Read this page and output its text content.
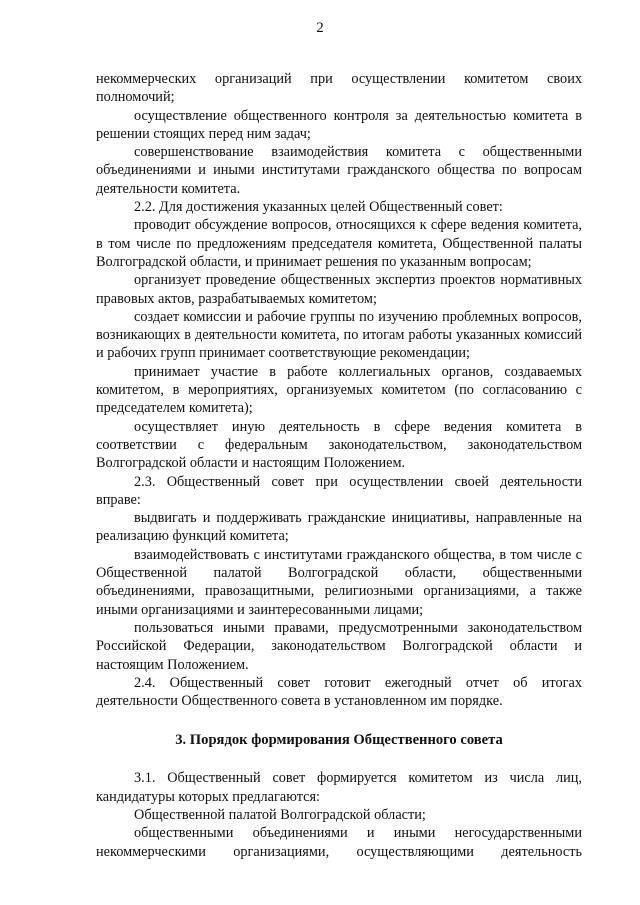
2

некоммерческих организаций при осуществлении комитетом своих полномочий;

осуществление общественного контроля за деятельностью комитета в решении стоящих перед ним задач;

совершенствование взаимодействия комитета с общественными объединениями и иными институтами гражданского общества по вопросам деятельности комитета.

2.2. Для достижения указанных целей Общественный совет:

проводит обсуждение вопросов, относящихся к сфере ведения комитета, в том числе по предложениям председателя комитета, Общественной палаты Волгоградской области, и принимает решения по указанным вопросам;

организует проведение общественных экспертиз проектов нормативных правовых актов, разрабатываемых комитетом;

создает комиссии и рабочие группы по изучению проблемных вопросов, возникающих в деятельности комитета, по итогам работы указанных комиссий и рабочих групп принимает соответствующие рекомендации;

принимает участие в работе коллегиальных органов, создаваемых комитетом, в мероприятиях, организуемых комитетом (по согласованию с председателем комитета);

осуществляет иную деятельность в сфере ведения комитета в соответствии с федеральным законодательством, законодательством Волгоградской области и настоящим Положением.

2.3. Общественный совет при осуществлении своей деятельности вправе:

выдвигать и поддерживать гражданские инициативы, направленные на реализацию функций комитета;

взаимодействовать с институтами гражданского общества, в том числе с Общественной палатой Волгоградской области, общественными объединениями, правозащитными, религиозными организациями, а также иными организациями и заинтересованными лицами;

пользоваться иными правами, предусмотренными законодательством Российской Федерации, законодательством Волгоградской области и настоящим Положением.

2.4. Общественный совет готовит ежегодный отчет об итогах деятельности Общественного совета в установленном им порядке.

3. Порядок формирования Общественного совета

3.1. Общественный совет формируется комитетом из числа лиц, кандидатуры которых предлагаются:

Общественной палатой Волгоградской области;

общественными объединениями и иными негосударственными некоммерческими организациями, осуществляющими деятельность
